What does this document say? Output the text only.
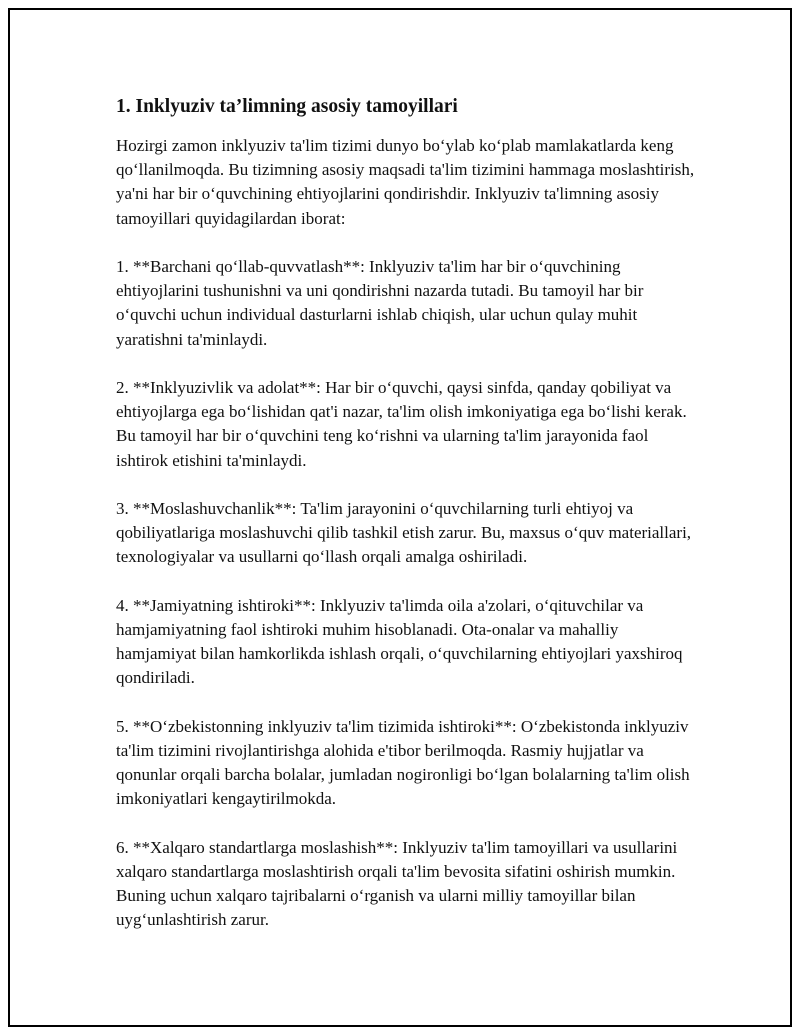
1. Inklyuziv ta’limning asosiy tamoyillari

Hozirgi zamon inklyuziv ta'lim tizimi dunyo bo‘ylab ko‘plab mamlakatlarda keng qo‘llanilmoqda. Bu tizimning asosiy maqsadi ta'lim tizimini hammaga moslashtirish, ya'ni har bir o‘quvchining ehtiyojlarini qondirishdir. Inklyuziv ta'limning asosiy tamoyillari quyidagilardan iborat:

1. **Barchani qo‘llab-quvvatlash**: Inklyuziv ta'lim har bir o‘quvchining ehtiyojlarini tushunishni va uni qondirishni nazarda tutadi. Bu tamoyil har bir o‘quvchi uchun individual dasturlarni ishlab chiqish, ular uchun qulay muhit yaratishni ta'minlaydi.

2. **Inklyuzivlik va adolat**: Har bir o‘quvchi, qaysi sinfda, qanday qobiliyat va ehtiyojlarga ega bo‘lishidan qat'i nazar, ta'lim olish imkoniyatiga ega bo‘lishi kerak. Bu tamoyil har bir o‘quvchini teng ko‘rishni va ularning ta'lim jarayonida faol ishtirok etishini ta'minlaydi.

3. **Moslashuvchanlik**: Ta'lim jarayonini o‘quvchilarning turli ehtiyoj va qobiliyatlariga moslashuvchi qilib tashkil etish zarur. Bu, maxsus o‘quv materiallari, texnologiyalar va usullarni qo‘llash orqali amalga oshiriladi.

4. **Jamiyatning ishtiroki**: Inklyuziv ta'limda oila a'zolari, o‘qituvchilar va hamjamiyatning faol ishtiroki muhim hisoblanadi. Ota-onalar va mahalliy hamjamiyat bilan hamkorlikda ishlash orqali, o‘quvchilarning ehtiyojlari yaxshiroq qondiriladi.

5. **O‘zbekistonning inklyuziv ta'lim tizimida ishtiroki**: O‘zbekistonda inklyuziv ta'lim tizimini rivojlantirishga alohida e'tibor berilmoqda. Rasmiy hujjatlar va qonunlar orqali barcha bolalar, jumladan nogironligi bo‘lgan bolalarning ta'lim olish imkoniyatlari kengaytirilmokda.

6. **Xalqaro standartlarga moslashish**: Inklyuziv ta'lim tamoyillari va usullarini xalqaro standartlarga moslashtirish orqali ta'lim bevosita sifatini oshirish mumkin. Buning uchun xalqaro tajribalarni o‘rganish va ularni milliy tamoyillar bilan uyg‘unlashtirish zarur.
